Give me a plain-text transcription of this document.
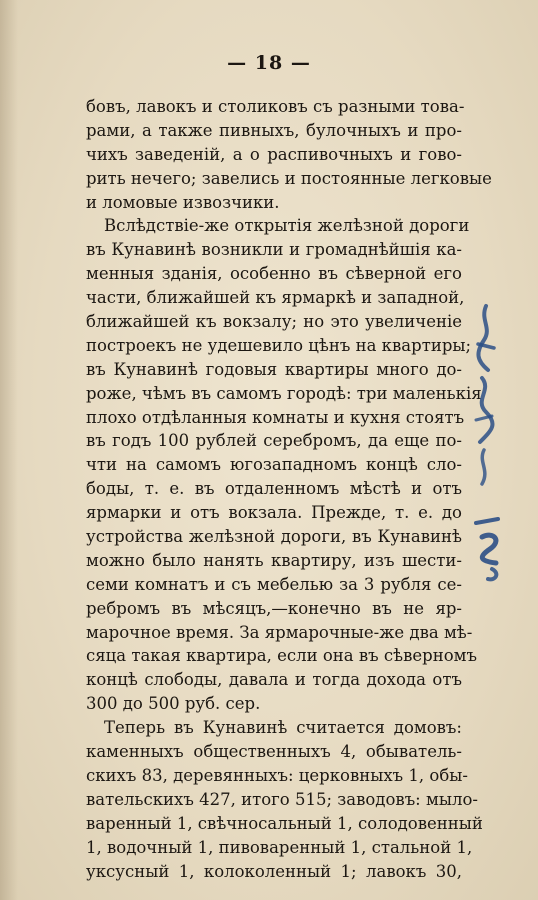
— 18 —
бовъ, лавокъ и столиковъ съ разными това-
рами, а также пивныхъ, булочныхъ и про-
чихъ заведенiй, а о распивочныхъ и гово-
рить нечего; завелись и постоянные легковые
и ломовые извозчики.
Вслѣдствiе-же открытiя желѣзной дороги
въ Кунавинѣ возникли и громаднѣйшiя ка-
менныя зданiя, особенно въ сѣверной его
части, ближайшей къ ярмаркѣ и западной,
ближайшей къ вокзалу; но это увеличенiе
построекъ не удешевило цѣнъ на квартиры;
въ Кунавинѣ годовыя квартиры много до-
роже, чѣмъ въ самомъ городѣ: три маленькiя
плохо отдѣланныя комнаты и кухня стоятъ
въ годъ 100 рублей серебромъ, да еще по-
чти на самомъ югозападномъ концѣ сло-
боды, т. е. въ отдаленномъ мѣстѣ и отъ
ярмарки и отъ вокзала. Прежде, т. е. до
устройства желѣзной дороги, въ Кунавинѣ
можно было нанять квартиру, изъ шести-
семи комнатъ и съ мебелью за 3 рубля се-
ребромъ въ мѣсяцъ,—конечно въ не яр-
марочное время. За ярмарочные-же два мѣ-
сяца такая квартира, если она въ сѣверномъ
концѣ слободы, давала и тогда дохода отъ
300 до 500 руб. сер.
Теперь въ Кунавинѣ считается домовъ:
каменныхъ общественныхъ 4, обыватель-
скихъ 83, деревянныхъ: церковныхъ 1, обы-
вательскихъ 427, итого 515; заводовъ: мыло-
варенный 1, свѣчносальный 1, солодовенный
1, водочный 1, пивоваренный 1, стальной 1,
уксусный 1, колоколенный 1; лавокъ 30,
